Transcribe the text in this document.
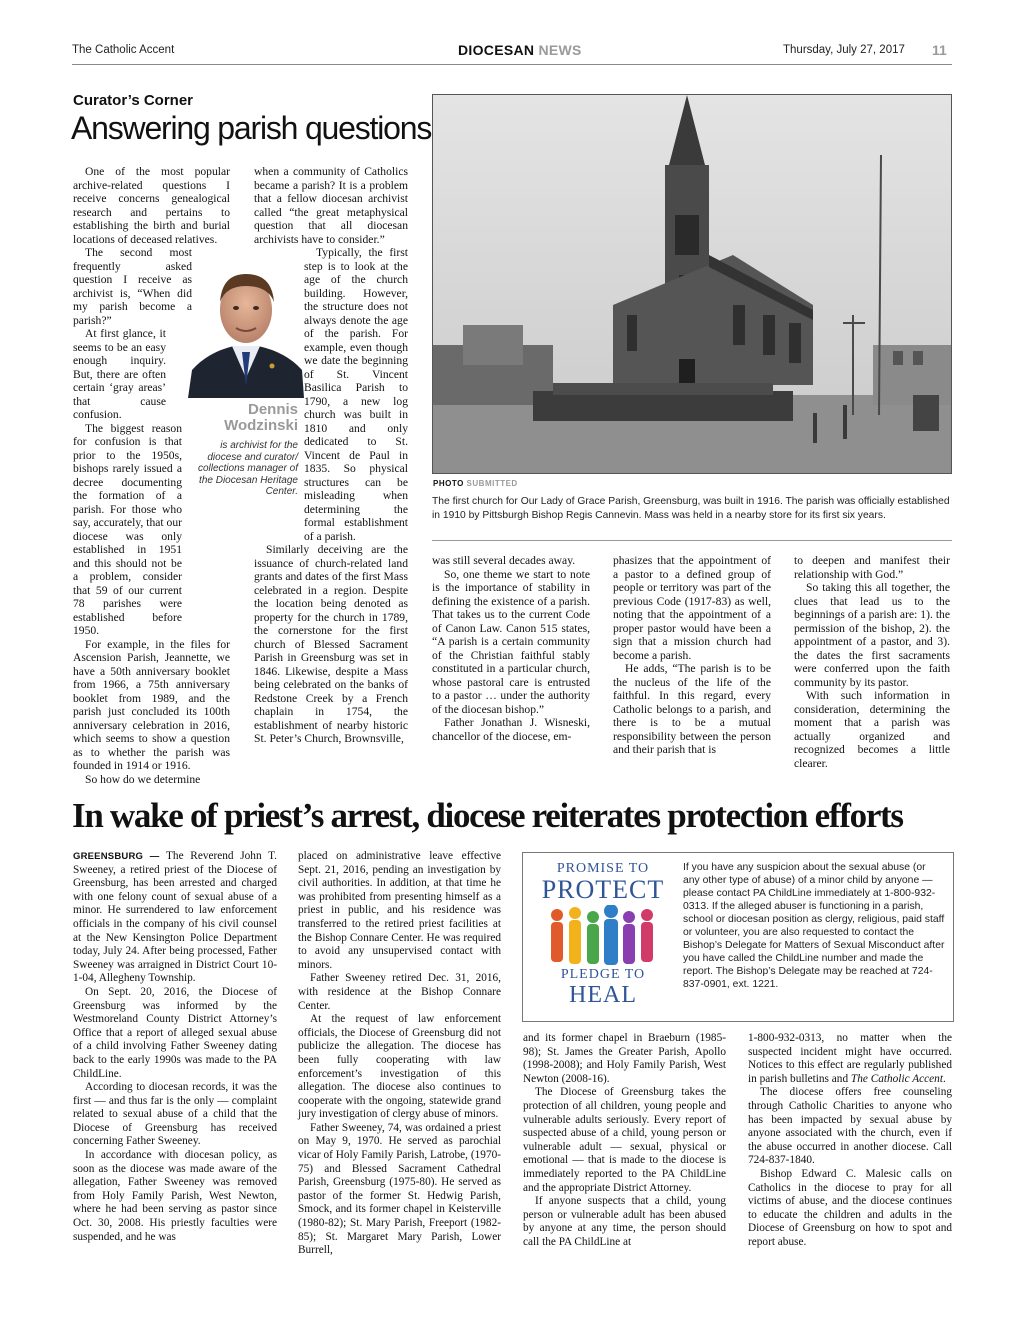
The Catholic Accent	DIOCESAN NEWS	Thursday, July 27, 2017 11
Curator’s Corner
Answering parish questions

One of the most popular archive-related questions I receive concerns genealogical research and pertains to establishing the birth and burial locations of deceased relatives.

The second most frequently asked question I receive as archivist is, “When did my parish become a parish?”

At first glance, it seems to be an easy enough inquiry. But, there are often certain ‘gray areas’ that cause confusion.

The biggest reason for confusion is that prior to the 1950s, bishops rarely issued a decree documenting the formation of a parish. For those who say, accurately, that our diocese was only established in 1951 and this should not be a problem, consider that 59 of our current 78 parishes were established before 1950.

For example, in the files for Ascension Parish, Jeannette, we have a 50th anniversary booklet from 1966, a 75th anniversary booklet from 1989, and the parish just concluded its 100th anniversary celebration in 2016, which seems to show a question as to whether the parish was founded in 1914 or 1916.

So how do we determine

Dennis
Wodzinski
is archivist for the diocese and curator/ collections manager of the Diocesan Heritage Center.

when a community of Catholics became a parish? It is a problem that a fellow diocesan archivist called “the great metaphysical question that all diocesan archivists have to consider.”

Typically, the first step is to look at the age of the church building. However, the structure does not always denote the age of the parish. For example, even though we date the beginning of St. Vincent Basilica Parish to 1790, a new log church was built in 1810 and only dedicated to St. Vincent de Paul in 1835. So physical structures can be misleading when determining the formal establishment of a parish.

Similarly deceiving are the issuance of church-related land grants and dates of the first Mass celebrated in a region. Despite the location being denoted as property for the church in 1789, the cornerstone for the first church of Blessed Sacrament Parish in Greensburg was set in 1846. Likewise, despite a Mass being celebrated on the banks of Redstone Creek by a French chaplain in 1754, the establishment of nearby historic St. Peter’s Church, Brownsville,

PHOTO SUBMITTED
The first church for Our Lady of Grace Parish, Greensburg, was built in 1916. The parish was officially established in 1910 by Pittsburgh Bishop Regis Cannevin. Mass was held in a nearby store for its first six years.

was still several decades away.

So, one theme we start to note is the importance of stability in defining the existence of a parish. That takes us to the current Code of Canon Law. Canon 515 states, “A parish is a certain community of the Christian faithful stably constituted in a particular church, whose pastoral care is entrusted to a pastor … under the authority of the diocesan bishop.”

Father Jonathan J. Wisneski, chancellor of the diocese, em-

phasizes that the appointment of a pastor to a defined group of people or territory was part of the previous Code (1917-83) as well, noting that the appointment of a proper pastor would have been a sign that a mission church had become a parish.

He adds, “The parish is to be the nucleus of the life of the faithful. In this regard, every Catholic belongs to a parish, and there is to be a mutual responsibility between the person and their parish that is

to deepen and manifest their relationship with God.”

So taking this all together, the clues that lead us to the beginnings of a parish are: 1). the permission of the bishop, 2). the appointment of a pastor, and 3). the dates the first sacraments were conferred upon the faith community by its pastor.

With such information in consideration, determining the moment that a parish was actually organized and recognized becomes a little clearer.

In wake of priest’s arrest, diocese reiterates protection efforts

GREENSBURG — The Reverend John T. Sweeney, a retired priest of the Diocese of Greensburg, has been arrested and charged with one felony count of sexual abuse of a minor. He surrendered to law enforcement officials in the company of his civil counsel at the New Kensington Police Department today, July 24. After being processed, Father Sweeney was arraigned in District Court 10-1-04, Allegheny Township.

On Sept. 20, 2016, the Diocese of Greensburg was informed by the Westmoreland County District Attorney’s Office that a report of alleged sexual abuse of a child involving Father Sweeney dating back to the early 1990s was made to the PA ChildLine.

According to diocesan records, it was the first — and thus far is the only — complaint related to sexual abuse of a child that the Diocese of Greensburg has received concerning Father Sweeney.

In accordance with diocesan policy, as soon as the diocese was made aware of the allegation, Father Sweeney was removed from Holy Family Parish, West Newton, where he had been serving as pastor since Oct. 30, 2008. His priestly faculties were suspended, and he was

placed on administrative leave effective Sept. 21, 2016, pending an investigation by civil authorities. In addition, at that time he was prohibited from presenting himself as a priest in public, and his residence was transferred to the retired priest facilities at the Bishop Connare Center. He was required to avoid any unsupervised contact with minors.

Father Sweeney retired Dec. 31, 2016, with residence at the Bishop Connare Center.

At the request of law enforcement officials, the Diocese of Greensburg did not publicize the allegation. The diocese has been fully cooperating with law enforcement’s investigation of this allegation. The diocese also continues to cooperate with the ongoing, statewide grand jury investigation of clergy abuse of minors.

Father Sweeney, 74, was ordained a priest on May 9, 1970. He served as parochial vicar of Holy Family Parish, Latrobe, (1970-75) and Blessed Sacrament Cathedral Parish, Greensburg (1975-80). He served as pastor of the former St. Hedwig Parish, Smock, and its former chapel in Keisterville (1980-82); St. Mary Parish, Freeport (1982-85); St. Margaret Mary Parish, Lower Burrell,

PROMISE TO
PROTECT
PLEDGE TO
HEAL
If you have any suspicion about the sexual abuse (or any other type of abuse) of a minor child by anyone — please contact PA ChildLine immediately at 1-800-932-0313. If the alleged abuser is functioning in a parish, school or diocesan position as clergy, religious, paid staff or volunteer, you are also requested to contact the Bishop’s Delegate for Matters of Sexual Misconduct after you have called the ChildLine number and made the report. The Bishop’s Delegate may be reached at 724-837-0901, ext. 1221.

and its former chapel in Braeburn (1985-98); St. James the Greater Parish, Apollo (1998-2008); and Holy Family Parish, West Newton (2008-16).

The Diocese of Greensburg takes the protection of all children, young people and vulnerable adults seriously. Every report of suspected abuse of a child, young person or vulnerable adult — sexual, physical or emotional — that is made to the diocese is immediately reported to the PA ChildLine and the appropriate District Attorney.

If anyone suspects that a child, young person or vulnerable adult has been abused by anyone at any time, the person should call the PA ChildLine at

1-800-932-0313, no matter when the suspected incident might have occurred. Notices to this effect are regularly published in parish bulletins and The Catholic Accent.

The diocese offers free counseling through Catholic Charities to anyone who has been impacted by sexual abuse by anyone associated with the church, even if the abuse occurred in another diocese. Call 724-837-1840.

Bishop Edward C. Malesic calls on Catholics in the diocese to pray for all victims of abuse, and the diocese continues to educate the children and adults in the Diocese of Greensburg on how to spot and report abuse.
